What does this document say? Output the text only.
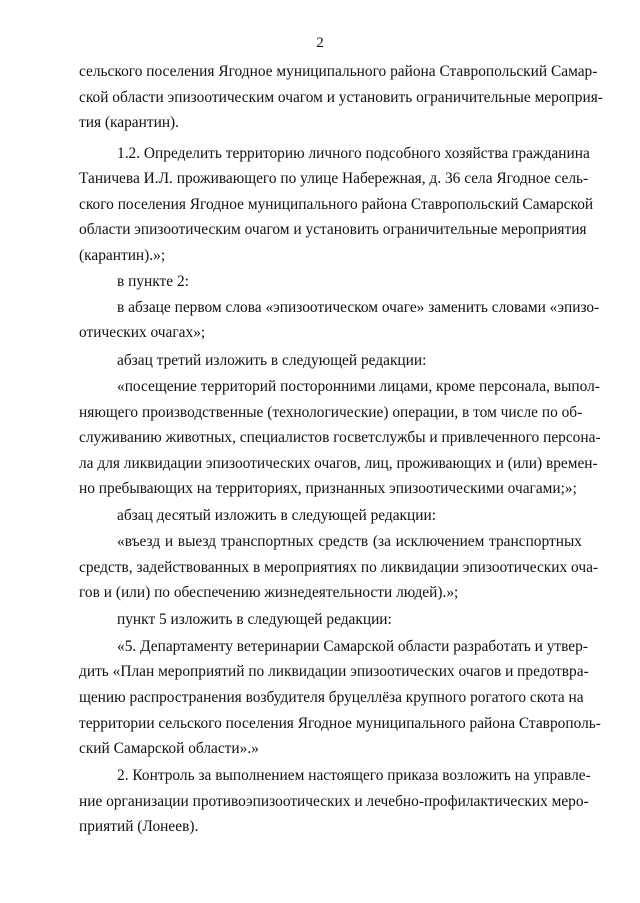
2
сельского поселения Ягодное муниципального района Ставропольский Самар-
ской области эпизоотическим очагом и установить ограничительные мероприя-
тия (карантин).
1.2. Определить территорию личного подсобного хозяйства гражданина
Таничева И.Л. проживающего по улице Набережная, д. 36 села Ягодное сель-
ского поселения Ягодное муниципального района Ставропольский Самарской
области эпизоотическим очагом и установить ограничительные мероприятия
(карантин).»;
в пункте 2:
в абзаце первом слова «эпизоотическом очаге» заменить словами «эпизо-
отических очагах»;
абзац третий изложить в следующей редакции:
«посещение территорий посторонними лицами, кроме персонала, выпол-
няющего производственные (технологические) операции, в том числе по об-
служиванию животных, специалистов госветслужбы и привлеченного персона-
ла для ликвидации эпизоотических очагов, лиц, проживающих и (или) времен-
но пребывающих на территориях, признанных эпизоотическими очагами;»;
абзац десятый изложить в следующей редакции:
«въезд и выезд транспортных средств (за исключением транспортных
средств, задействованных в мероприятиях по ликвидации эпизоотических оча-
гов и (или) по обеспечению жизнедеятельности людей).»;
пункт 5 изложить в следующей редакции:
«5. Департаменту ветеринарии Самарской области разработать и утвер-
дить «План мероприятий по ликвидации эпизоотических очагов и предотвра-
щению распространения возбудителя бруцеллёза крупного рогатого скота на
территории сельского поселения Ягодное муниципального района Ставрополь-
ский Самарской области».»
2. Контроль за выполнением настоящего приказа возложить на управле-
ние организации противоэпизоотических и лечебно-профилактических меро-
приятий (Лонеев).
